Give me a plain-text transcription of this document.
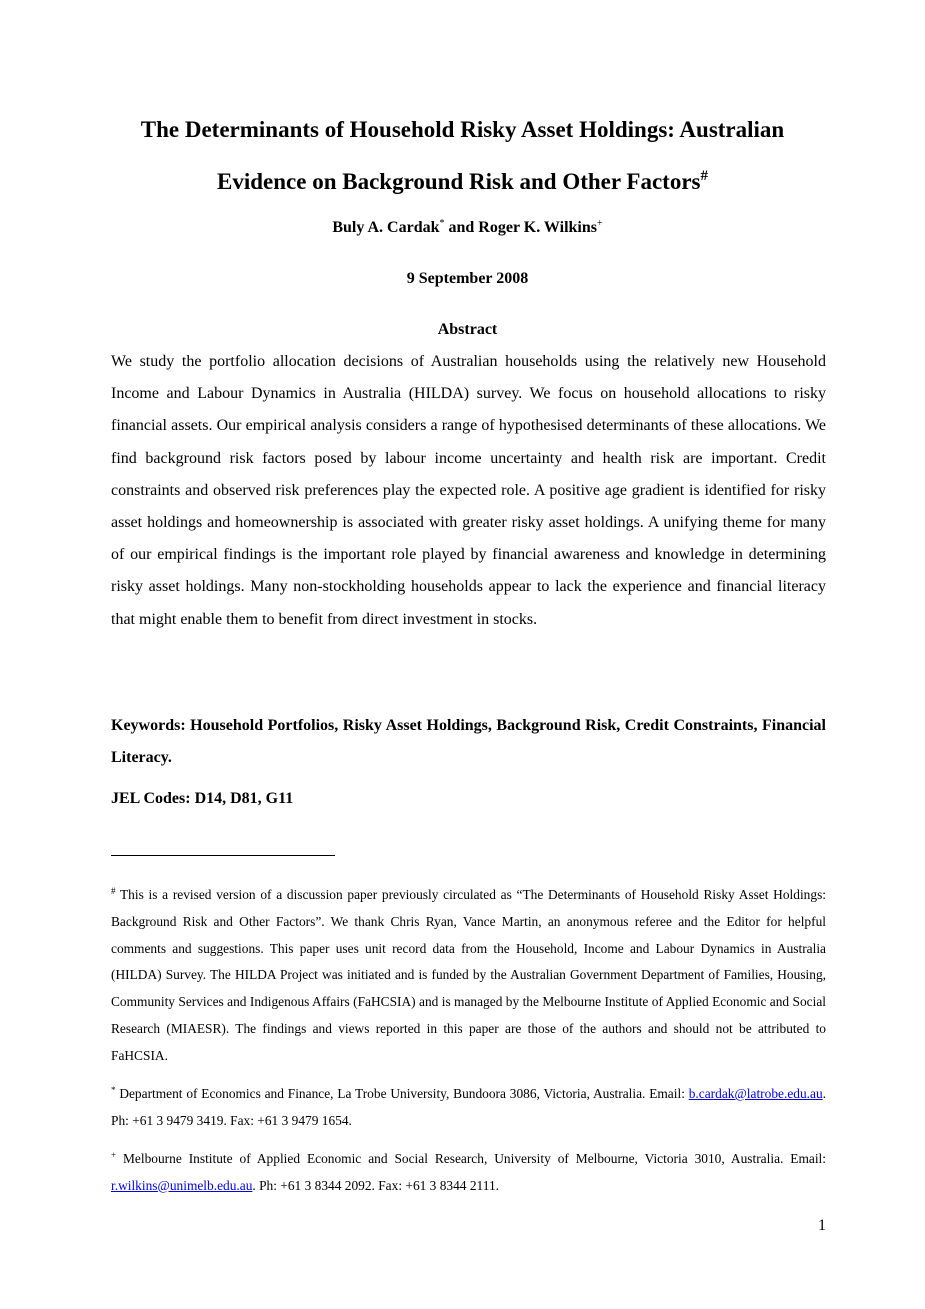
The Determinants of Household Risky Asset Holdings: Australian
Evidence on Background Risk and Other Factors#
Buly A. Cardak* and Roger K. Wilkins+
9 September 2008
Abstract

We study the portfolio allocation decisions of Australian households using the relatively new Household Income and Labour Dynamics in Australia (HILDA) survey. We focus on household allocations to risky financial assets. Our empirical analysis considers a range of hypothesised determinants of these allocations. We find background risk factors posed by labour income uncertainty and health risk are important. Credit constraints and observed risk preferences play the expected role. A positive age gradient is identified for risky asset holdings and homeownership is associated with greater risky asset holdings. A unifying theme for many of our empirical findings is the important role played by financial awareness and knowledge in determining risky asset holdings. Many non-stockholding households appear to lack the experience and financial literacy that might enable them to benefit from direct investment in stocks.

Keywords: Household Portfolios, Risky Asset Holdings, Background Risk, Credit Constraints, Financial Literacy.

JEL Codes: D14, D81, G11

# This is a revised version of a discussion paper previously circulated as “The Determinants of Household Risky Asset Holdings: Background Risk and Other Factors”. We thank Chris Ryan, Vance Martin, an anonymous referee and the Editor for helpful comments and suggestions. This paper uses unit record data from the Household, Income and Labour Dynamics in Australia (HILDA) Survey. The HILDA Project was initiated and is funded by the Australian Government Department of Families, Housing, Community Services and Indigenous Affairs (FaHCSIA) and is managed by the Melbourne Institute of Applied Economic and Social Research (MIAESR). The findings and views reported in this paper are those of the authors and should not be attributed to FaHCSIA.

* Department of Economics and Finance, La Trobe University, Bundoora 3086, Victoria, Australia. Email: b.cardak@latrobe.edu.au. Ph: +61 3 9479 3419. Fax: +61 3 9479 1654.

+ Melbourne Institute of Applied Economic and Social Research, University of Melbourne, Victoria 3010, Australia. Email: r.wilkins@unimelb.edu.au. Ph: +61 3 8344 2092. Fax: +61 3 8344 2111.

1
